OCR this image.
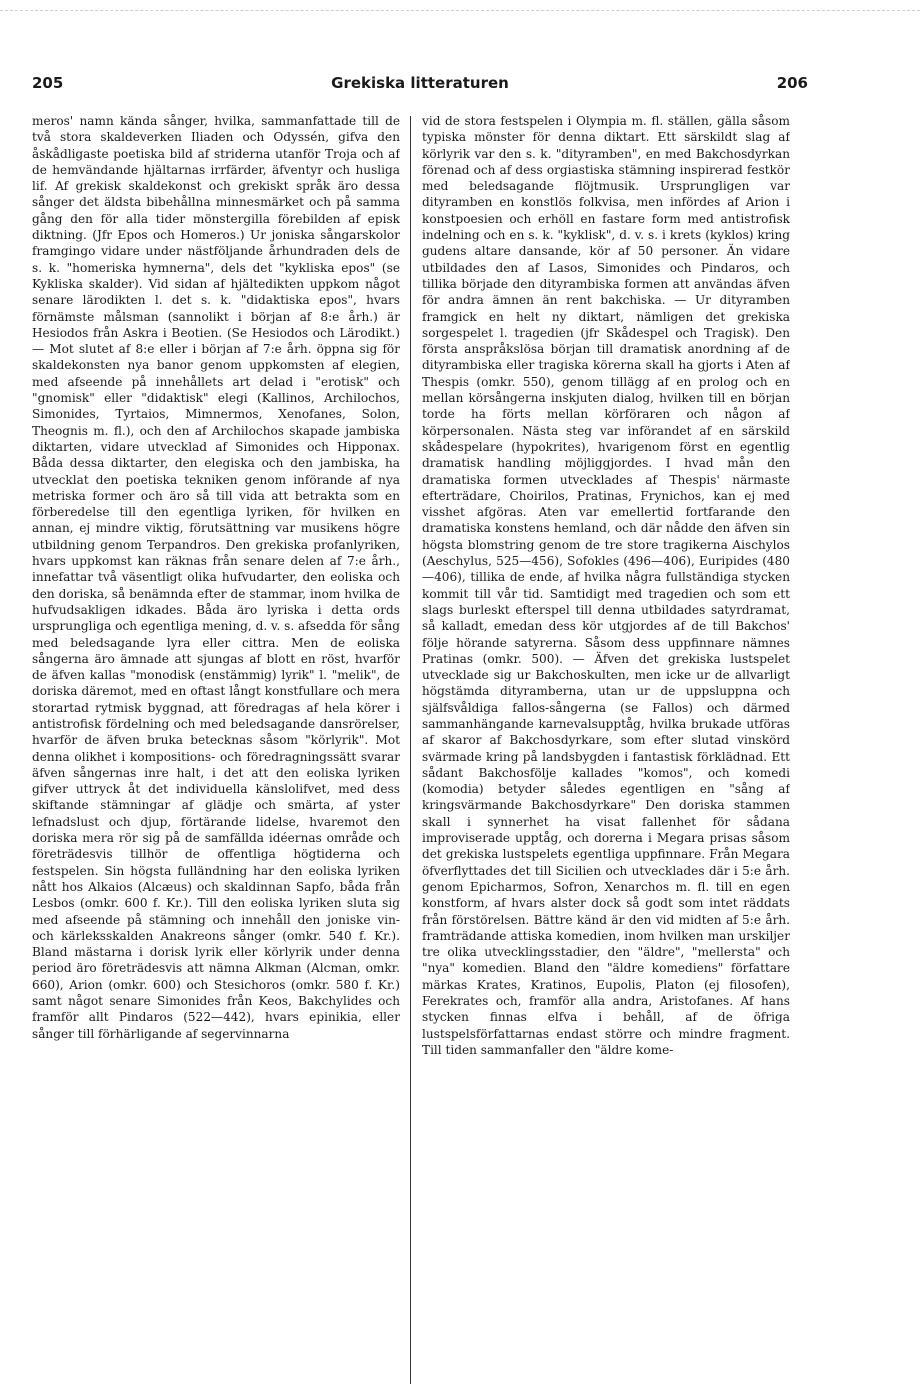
205	Grekiska litteraturen	206

meros' namn kända sånger, hvilka, sammanfattade till de två stora skaldeverken Iliaden och Odyssén, gifva den åskådligaste poetiska bild af striderna utanför Troja och af de hemvändande hjältarnas irrfärder, äfventyr och husliga lif. Af grekisk skaldekonst och grekiskt språk äro dessa sånger det äldsta bibehållna minnesmärket och på samma gång den för alla tider mönstergilla förebilden af episk diktning. (Jfr Epos och Homeros.) Ur joniska sångarskolor framgingo vidare under nästföljande århundraden dels de s. k. "homeriska hymnerna", dels det "kykliska epos" (se Kykliska skalder). Vid sidan af hjältedikten uppkom något senare lärodikten l. det s. k. "didaktiska epos", hvars förnämste målsman (sannolikt i början af 8:e årh.) är Hesiodos från Askra i Beotien. (Se Hesiodos och Lärodikt.) — Mot slutet af 8:e eller i början af 7:e årh. öppna sig för skaldekonsten nya banor genom uppkomsten af elegien, med afseende på innehållets art delad i "erotisk" och "gnomisk" eller "didaktisk" elegi (Kallinos, Archilochos, Simonides, Tyrtaios, Mimnermos, Xenofanes, Solon, Theognis m. fl.), och den af Archilochos skapade jambiska diktarten, vidare utvecklad af Simonides och Hipponax. Båda dessa diktarter, den elegiska och den jambiska, ha utvecklat den poetiska tekniken genom införande af nya metriska former och äro så till vida att betrakta som en förberedelse till den egentliga lyriken, för hvilken en annan, ej mindre viktig, förutsättning var musikens högre utbildning genom Terpandros. Den grekiska profanlyriken, hvars uppkomst kan räknas från senare delen af 7:e årh., innefattar två väsentligt olika hufvudarter, den eoliska och den doriska, så benämnda efter de stammar, inom hvilka de hufvudsakligen idkades. Båda äro lyriska i detta ords ursprungliga och egentliga mening, d. v. s. afsedda för sång med beledsagande lyra eller cittra. Men de eoliska sångerna äro ämnade att sjungas af blott en röst, hvarför de äfven kallas "monodisk (enstämmig) lyrik" l. "melik", de doriska däremot, med en oftast långt konstfullare och mera storartad rytmisk byggnad, att föredragas af hela körer i antistrofisk fördelning och med beledsagande dansrörelser, hvarför de äfven bruka betecknas såsom "körlyrik". Mot denna olikhet i kompositions- och föredragningssätt svarar äfven sångernas inre halt, i det att den eoliska lyriken gifver uttryck åt det individuella känslolifvet, med dess skiftande stämningar af glädje och smärta, af yster lefnadslust och djup, förtärande lidelse, hvaremot den doriska mera rör sig på de samfällda idéernas område och företrädesvis tillhör de offentliga högtiderna och festspelen. Sin högsta fulländning har den eoliska lyriken nått hos Alkaios (Alcæus) och skaldinnan Sapfo, båda från Lesbos (omkr. 600 f. Kr.). Till den eoliska lyriken sluta sig med afseende på stämning och innehåll den joniske vin- och kärleksskalden Anakreons sånger (omkr. 540 f. Kr.). Bland mästarna i dorisk lyrik eller körlyrik under denna period äro företrädesvis att nämna Alkman (Alcman, omkr. 660), Arion (omkr. 600) och Stesichoros (omkr. 580 f. Kr.) samt något senare Simonides från Keos, Bakchylides och framför allt Pindaros (522—442), hvars epinikia, eller sånger till förhärligande af segervinnarna

vid de stora festspelen i Olympia m. fl. ställen, gälla såsom typiska mönster för denna diktart. Ett särskildt slag af körlyrik var den s. k. "dityramben", en med Bakchosdyrkan förenad och af dess orgiastiska stämning inspirerad festkör med beledsagande flöjtmusik. Ursprungligen var dityramben en konstlös folkvisa, men infördes af Arion i konstpoesien och erhöll en fastare form med antistrofisk indelning och en s. k. "kyklisk", d. v. s. i krets (kyklos) kring gudens altare dansande, kör af 50 personer. Än vidare utbildades den af Lasos, Simonides och Pindaros, och tillika började den dityrambiska formen att användas äfven för andra ämnen än rent bakchiska. — Ur dityramben framgick en helt ny diktart, nämligen det grekiska sorgespelet l. tragedien (jfr Skådespel och Tragisk). Den första anspråkslösa början till dramatisk anordning af de dityrambiska eller tragiska körerna skall ha gjorts i Aten af Thespis (omkr. 550), genom tillägg af en prolog och en mellan körsångerna inskjuten dialog, hvilken till en början torde ha förts mellan körföraren och någon af körpersonalen. Nästa steg var införandet af en särskild skådespelare (hypokrites), hvarigenom först en egentlig dramatisk handling möjliggjordes. I hvad mån den dramatiska formen utvecklades af Thespis' närmaste efterträdare, Choirilos, Pratinas, Frynichos, kan ej med visshet afgöras. Aten var emellertid fortfarande den dramatiska konstens hemland, och där nådde den äfven sin högsta blomstring genom de tre store tragikerna Aischylos (Aeschylus, 525—456), Sofokles (496—406), Euripides (480—406), tillika de ende, af hvilka några fullständiga stycken kommit till vår tid. Samtidigt med tragedien och som ett slags burleskt efterspel till denna utbildades satyrdramat, så kalladt, emedan dess kör utgjordes af de till Bakchos' följe hörande satyrerna. Såsom dess uppfinnare nämnes Pratinas (omkr. 500). — Äfven det grekiska lustspelet utvecklade sig ur Bakchoskulten, men icke ur de allvarligt högstämda dityramberna, utan ur de uppsluppna och själfsvåldiga fallos-sångerna (se Fallos) och därmed sammanhängande karnevalsupptåg, hvilka brukade utföras af skaror af Bakchosdyrkare, som efter slutad vinskörd svärmade kring på landsbygden i fantastisk förklädnad. Ett sådant Bakchosfölje kallades "komos", och komedi (komodia) betyder således egentligen en "sång af kringsvärmande Bakchosdyrkare" Den doriska stammen skall i synnerhet ha visat fallenhet för sådana improviserade upptåg, och dorerna i Megara prisas såsom det grekiska lustspelets egentliga uppfinnare. Från Megara öfverflyttades det till Sicilien och utvecklades där i 5:e årh. genom Epicharmos, Sofron, Xenarchos m. fl. till en egen konstform, af hvars alster dock så godt som intet räddats från förstörelsen. Bättre känd är den vid midten af 5:e årh. framträdande attiska komedien, inom hvilken man urskiljer tre olika utvecklingsstadier, den "äldre", "mellersta" och "nya" komedien. Bland den "äldre komediens" författare märkas Krates, Kratinos, Eupolis, Platon (ej filosofen), Ferekrates och, framför alla andra, Aristofanes. Af hans stycken finnas elfva i behåll, af de öfriga lustspelsförfattarnas endast större och mindre fragment. Till tiden sammanfaller den "äldre kome-
